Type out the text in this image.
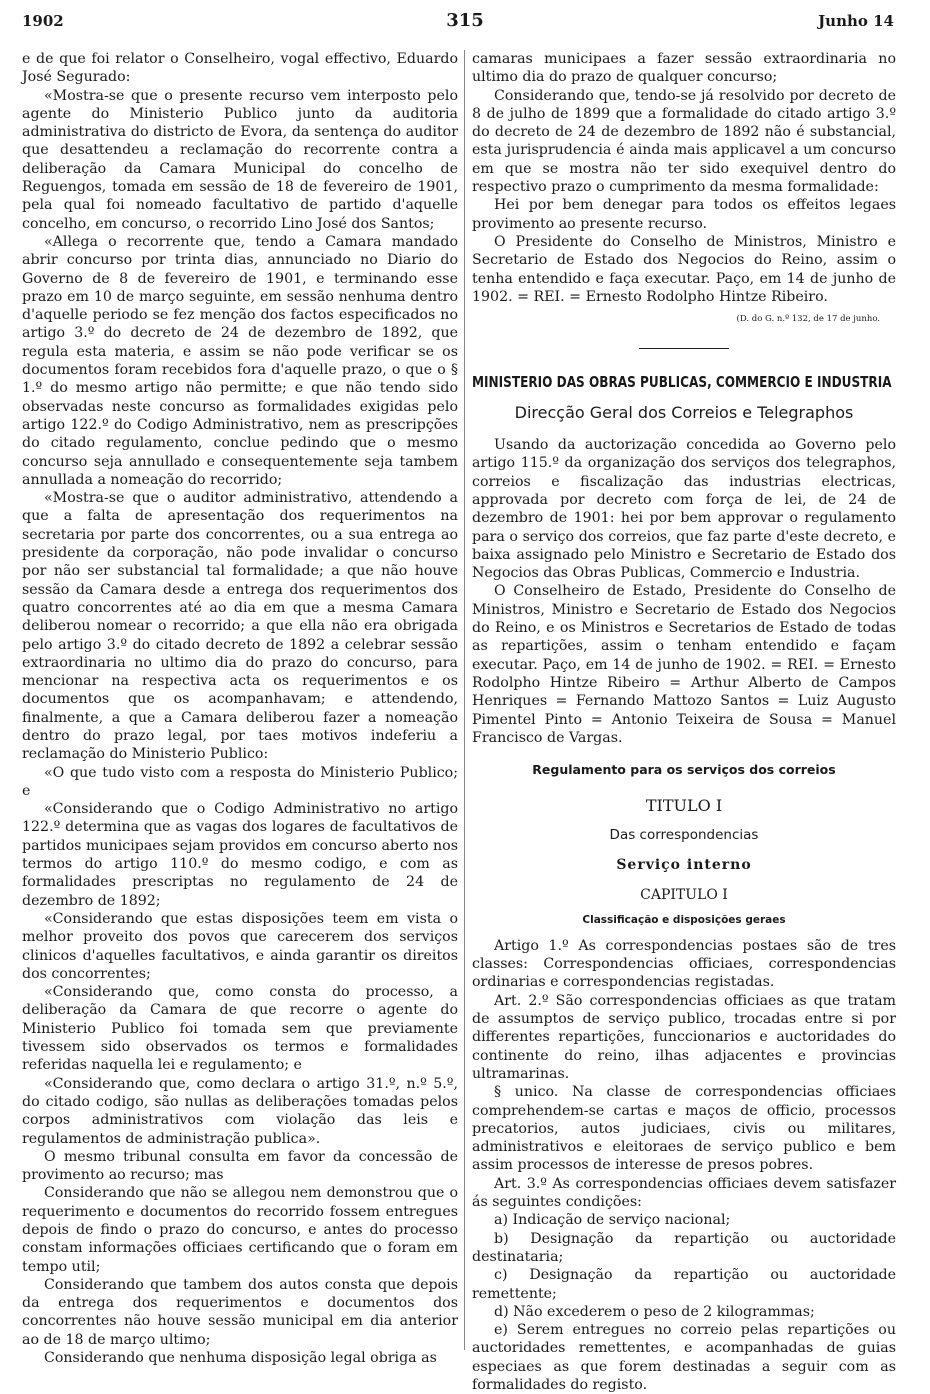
1902	315	Junho 14

e de que foi relator o Conselheiro, vogal effectivo, Eduardo José Segurado:

«Mostra-se que o presente recurso vem interposto pelo agente do Ministerio Publico junto da auditoria administrativa do districto de Evora, da sentença do auditor que desattendeu a reclamação do recorrente contra a deliberação da Camara Municipal do concelho de Reguengos, tomada em sessão de 18 de fevereiro de 1901, pela qual foi nomeado facultativo de partido d'aquelle concelho, em concurso, o recorrido Lino José dos Santos;

«Allega o recorrente que, tendo a Camara mandado abrir concurso por trinta dias, annunciado no Diario do Governo de 8 de fevereiro de 1901, e terminando esse prazo em 10 de março seguinte, em sessão nenhuma dentro d'aquelle periodo se fez menção dos factos especificados no artigo 3.º do decreto de 24 de dezembro de 1892, que regula esta materia, e assim se não pode verificar se os documentos foram recebidos fora d'aquelle prazo, o que o § 1.º do mesmo artigo não permitte; e que não tendo sido observadas neste concurso as formalidades exigidas pelo artigo 122.º do Codigo Administrativo, nem as prescripções do citado regulamento, conclue pedindo que o mesmo concurso seja annullado e consequentemente seja tambem annullada a nomeação do recorrido;

«Mostra-se que o auditor administrativo, attendendo a que a falta de apresentação dos requerimentos na secretaria por parte dos concorrentes, ou a sua entrega ao presidente da corporação, não pode invalidar o concurso por não ser substancial tal formalidade; a que não houve sessão da Camara desde a entrega dos requerimentos dos quatro concorrentes até ao dia em que a mesma Camara deliberou nomear o recorrido; a que ella não era obrigada pelo artigo 3.º do citado decreto de 1892 a celebrar sessão extraordinaria no ultimo dia do prazo do concurso, para mencionar na respectiva acta os requerimentos e os documentos que os acompanhavam; e attendendo, finalmente, a que a Camara deliberou fazer a nomeação dentro do prazo legal, por taes motivos indeferiu a reclamação do Ministerio Publico:

«O que tudo visto com a resposta do Ministerio Publico; e

«Considerando que o Codigo Administrativo no artigo 122.º determina que as vagas dos logares de facultativos de partidos municipaes sejam providos em concurso aberto nos termos do artigo 110.º do mesmo codigo, e com as formalidades prescriptas no regulamento de 24 de dezembro de 1892;

«Considerando que estas disposições teem em vista o melhor proveito dos povos que carecerem dos serviços clinicos d'aquelles facultativos, e ainda garantir os direitos dos concorrentes;

«Considerando que, como consta do processo, a deliberação da Camara de que recorre o agente do Ministerio Publico foi tomada sem que previamente tivessem sido observados os termos e formalidades referidas naquella lei e regulamento; e

«Considerando que, como declara o artigo 31.º, n.º 5.º, do citado codigo, são nullas as deliberações tomadas pelos corpos administrativos com violação das leis e regulamentos de administração publica».

O mesmo tribunal consulta em favor da concessão de provimento ao recurso; mas

Considerando que não se allegou nem demonstrou que o requerimento e documentos do recorrido fossem entregues depois de findo o prazo do concurso, e antes do processo constam informações officiaes certificando que o foram em tempo util;

Considerando que tambem dos autos consta que depois da entrega dos requerimentos e documentos dos concorrentes não houve sessão municipal em dia anterior ao de 18 de março ultimo;

Considerando que nenhuma disposição legal obriga as

camaras municipaes a fazer sessão extraordinaria no ultimo dia do prazo de qualquer concurso;

Considerando que, tendo-se já resolvido por decreto de 8 de julho de 1899 que a formalidade do citado artigo 3.º do decreto de 24 de dezembro de 1892 não é substancial, esta jurisprudencia é ainda mais applicavel a um concurso em que se mostra não ter sido exequivel dentro do respectivo prazo o cumprimento da mesma formalidade:

Hei por bem denegar para todos os effeitos legaes provimento ao presente recurso.

O Presidente do Conselho de Ministros, Ministro e Secretario de Estado dos Negocios do Reino, assim o tenha entendido e faça executar. Paço, em 14 de junho de 1902. = REI. = Ernesto Rodolpho Hintze Ribeiro.

(D. do G. n.º 132, de 17 de junho.
MINISTERIO DAS OBRAS PUBLICAS, COMMERCIO E INDUSTRIA
Direcção Geral dos Correios e Telegraphos

Usando da auctorização concedida ao Governo pelo artigo 115.º da organização dos serviços dos telegraphos, correios e fiscalização das industrias electricas, approvada por decreto com força de lei, de 24 de dezembro de 1901: hei por bem approvar o regulamento para o serviço dos correios, que faz parte d'este decreto, e baixa assignado pelo Ministro e Secretario de Estado dos Negocios das Obras Publicas, Commercio e Industria.

O Conselheiro de Estado, Presidente do Conselho de Ministros, Ministro e Secretario de Estado dos Negocios do Reino, e os Ministros e Secretarios de Estado de todas as repartições, assim o tenham entendido e façam executar. Paço, em 14 de junho de 1902. = REI. = Ernesto Rodolpho Hintze Ribeiro = Arthur Alberto de Campos Henriques = Fernando Mattozo Santos = Luiz Augusto Pimentel Pinto = Antonio Teixeira de Sousa = Manuel Francisco de Vargas.

Regulamento para os serviços dos correios
TITULO I
Das correspondencias
Serviço interno
CAPITULO I
Classificação e disposições geraes

Artigo 1.º As correspondencias postaes são de tres classes: Correspondencias officiaes, correspondencias ordinarias e correspondencias registadas.

Art. 2.º São correspondencias officiaes as que tratam de assumptos de serviço publico, trocadas entre si por differentes repartições, funccionarios e auctoridades do continente do reino, ilhas adjacentes e provincias ultramarinas.

§ unico. Na classe de correspondencias officiaes comprehendem-se cartas e maços de officio, processos precatorios, autos judiciaes, civis ou militares, administrativos e eleitoraes de serviço publico e bem assim processos de interesse de presos pobres.

Art. 3.º As correspondencias officiaes devem satisfazer ás seguintes condições:

a) Indicação de serviço nacional;

b) Designação da repartição ou auctoridade destinataria;

c) Designação da repartição ou auctoridade remettente;

d) Não excederem o peso de 2 kilogrammas;

e) Serem entregues no correio pelas repartições ou auctoridades remettentes, e acompanhadas de guias especiaes as que forem destinadas a seguir com as formalidades do registo.
